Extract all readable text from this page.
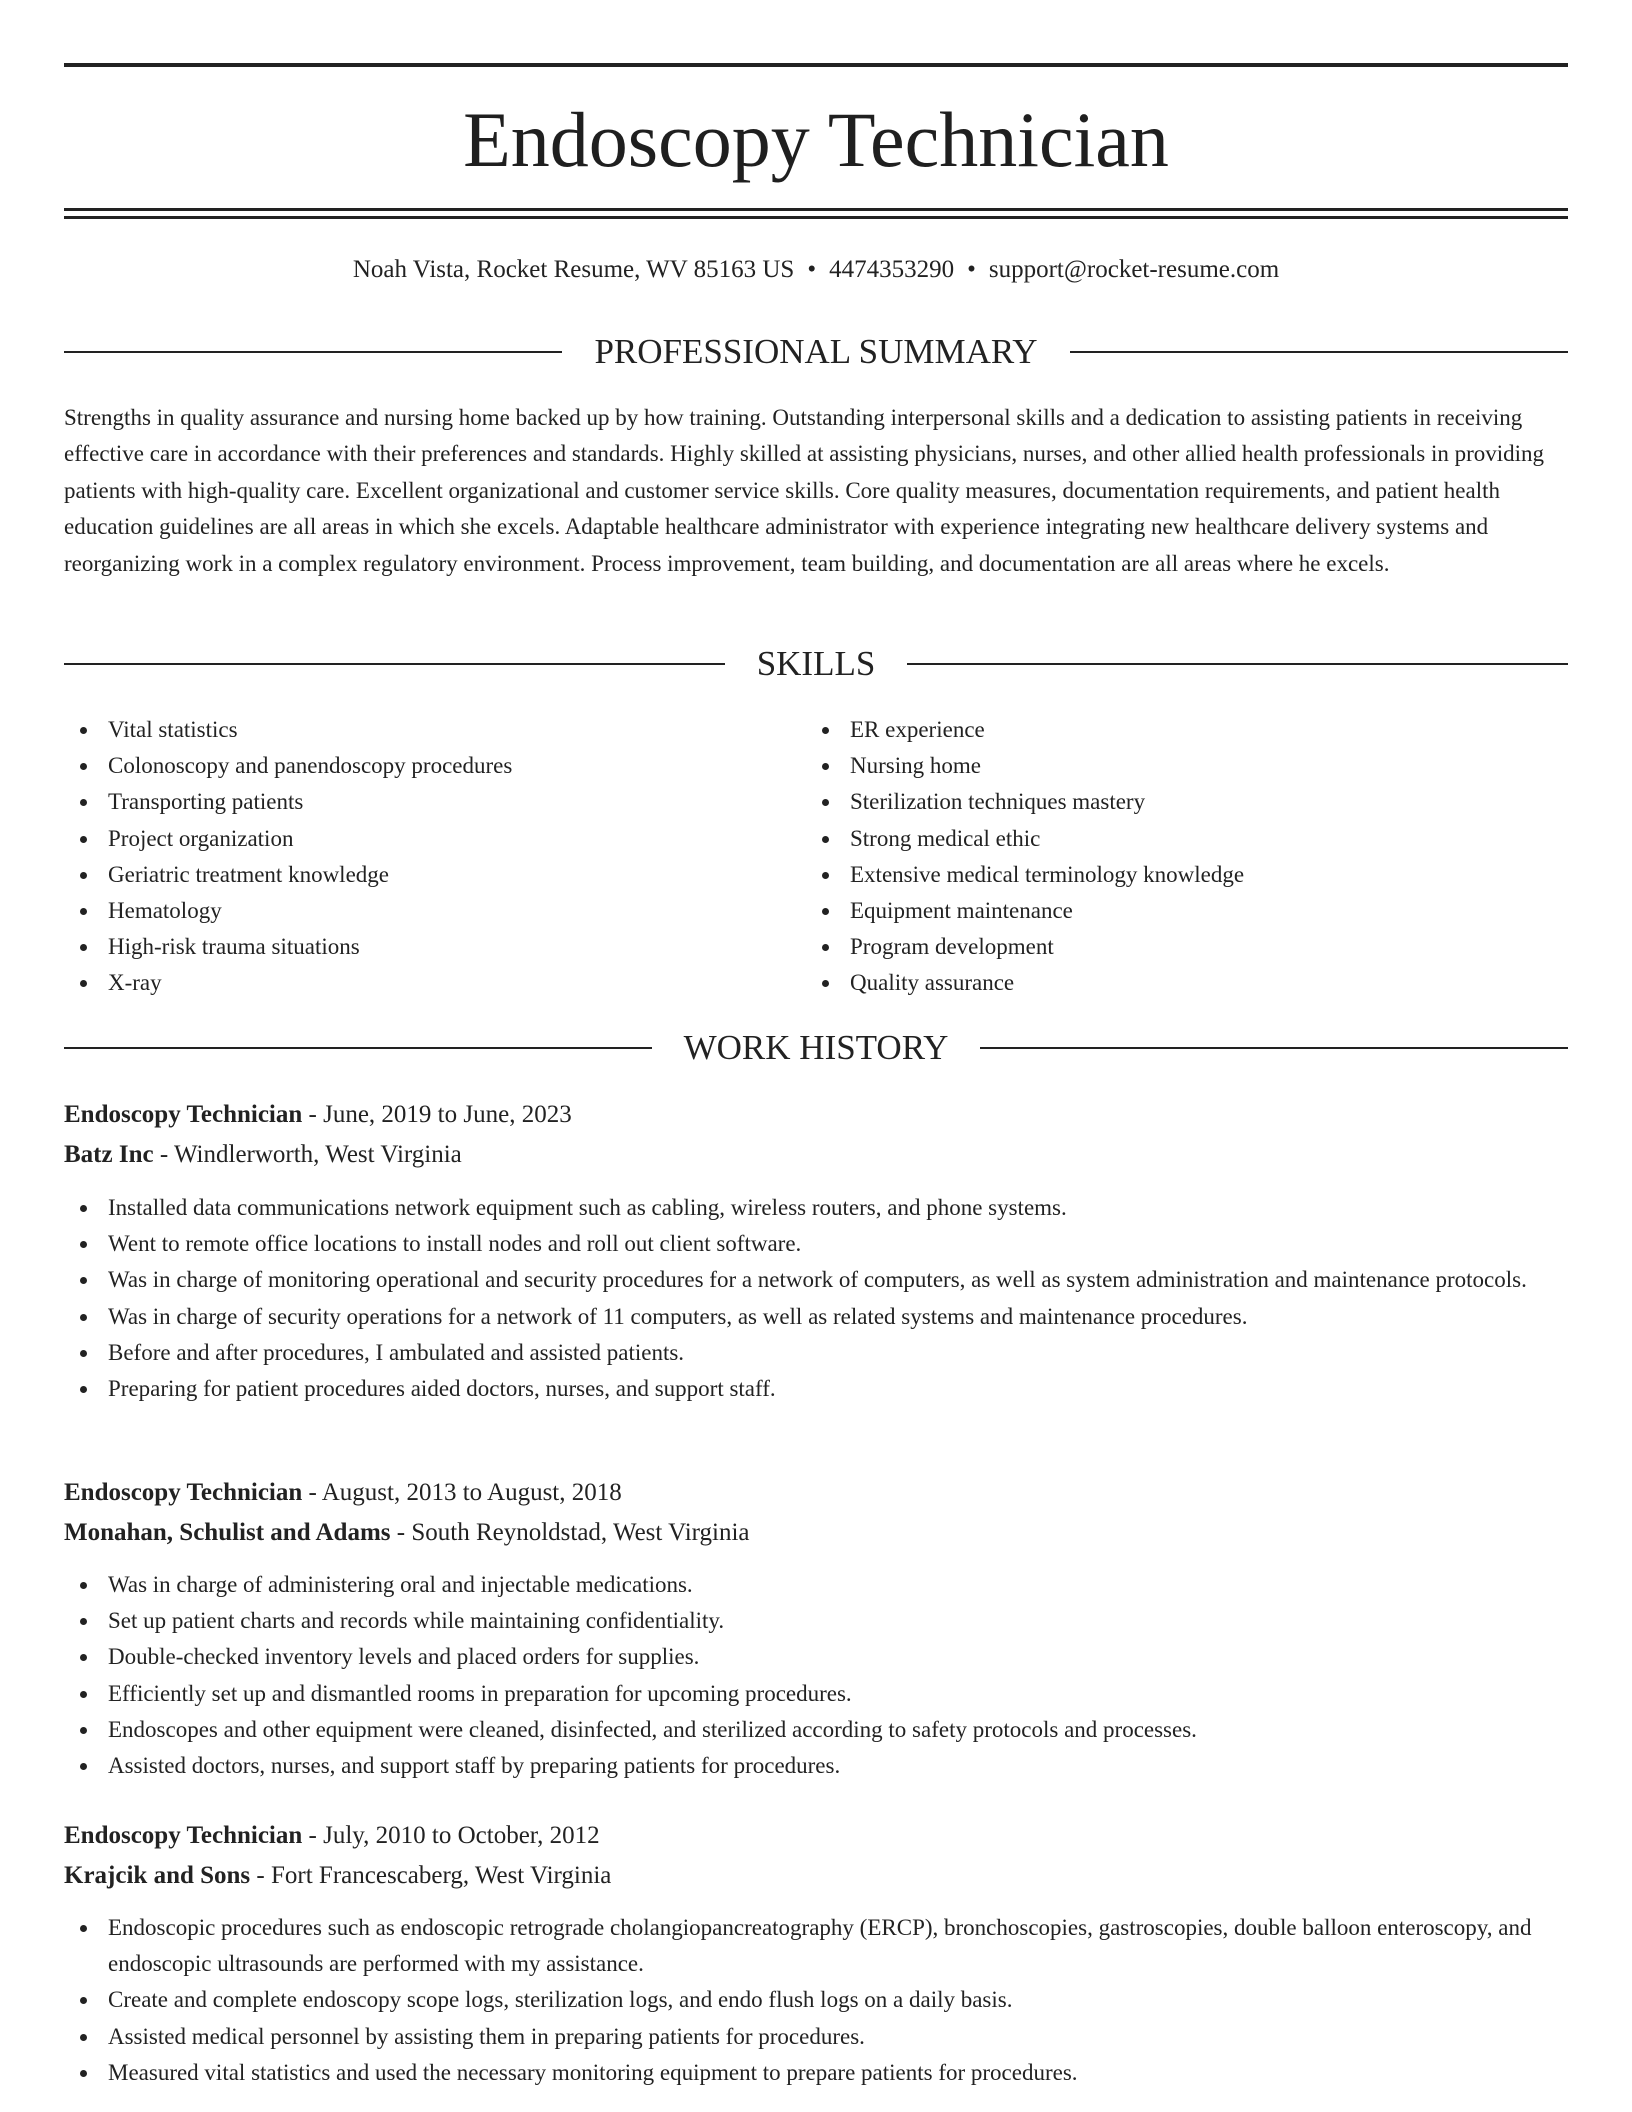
Endoscopy Technician
Noah Vista, Rocket Resume, WV 85163 US • 4474353290 • support@rocket-resume.com
PROFESSIONAL SUMMARY

Strengths in quality assurance and nursing home backed up by how training. Outstanding interpersonal skills and a dedication to assisting patients in receiving effective care in accordance with their preferences and standards. Highly skilled at assisting physicians, nurses, and other allied health professionals in providing patients with high-quality care. Excellent organizational and customer service skills. Core quality measures, documentation requirements, and patient health education guidelines are all areas in which she excels. Adaptable healthcare administrator with experience integrating new healthcare delivery systems and reorganizing work in a complex regulatory environment. Process improvement, team building, and documentation are all areas where he excels.

SKILLS
Vital statistics
Colonoscopy and panendoscopy procedures
Transporting patients
Project organization
Geriatric treatment knowledge
Hematology
High-risk trauma situations
X-ray
ER experience
Nursing home
Sterilization techniques mastery
Strong medical ethic
Extensive medical terminology knowledge
Equipment maintenance
Program development
Quality assurance
WORK HISTORY
Endoscopy Technician - June, 2019 to June, 2023
Batz Inc - Windlerworth, West Virginia
Installed data communications network equipment such as cabling, wireless routers, and phone systems.
Went to remote office locations to install nodes and roll out client software.
Was in charge of monitoring operational and security procedures for a network of computers, as well as system administration and maintenance protocols.
Was in charge of security operations for a network of 11 computers, as well as related systems and maintenance procedures.
Before and after procedures, I ambulated and assisted patients.
Preparing for patient procedures aided doctors, nurses, and support staff.
Endoscopy Technician - August, 2013 to August, 2018
Monahan, Schulist and Adams - South Reynoldstad, West Virginia
Was in charge of administering oral and injectable medications.
Set up patient charts and records while maintaining confidentiality.
Double-checked inventory levels and placed orders for supplies.
Efficiently set up and dismantled rooms in preparation for upcoming procedures.
Endoscopes and other equipment were cleaned, disinfected, and sterilized according to safety protocols and processes.
Assisted doctors, nurses, and support staff by preparing patients for procedures.
Endoscopy Technician - July, 2010 to October, 2012
Krajcik and Sons - Fort Francescaberg, West Virginia
Endoscopic procedures such as endoscopic retrograde cholangiopancreatography (ERCP), bronchoscopies, gastroscopies, double balloon enteroscopy, and endoscopic ultrasounds are performed with my assistance.
Create and complete endoscopy scope logs, sterilization logs, and endo flush logs on a daily basis.
Assisted medical personnel by assisting them in preparing patients for procedures.
Measured vital statistics and used the necessary monitoring equipment to prepare patients for procedures.
